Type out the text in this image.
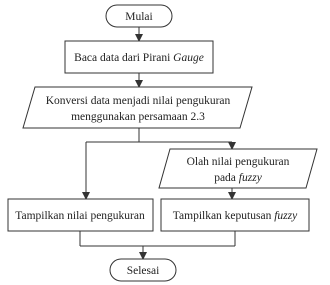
Mulai
Baca data dari Pirani Gauge
Konversi data menjadi nilai pengukuran
menggunakan persamaan 2.3
Olah nilai pengukuran
pada fuzzy
Tampilkan nilai pengukuran Tampilkan keputusan fuzzy
Selesai
